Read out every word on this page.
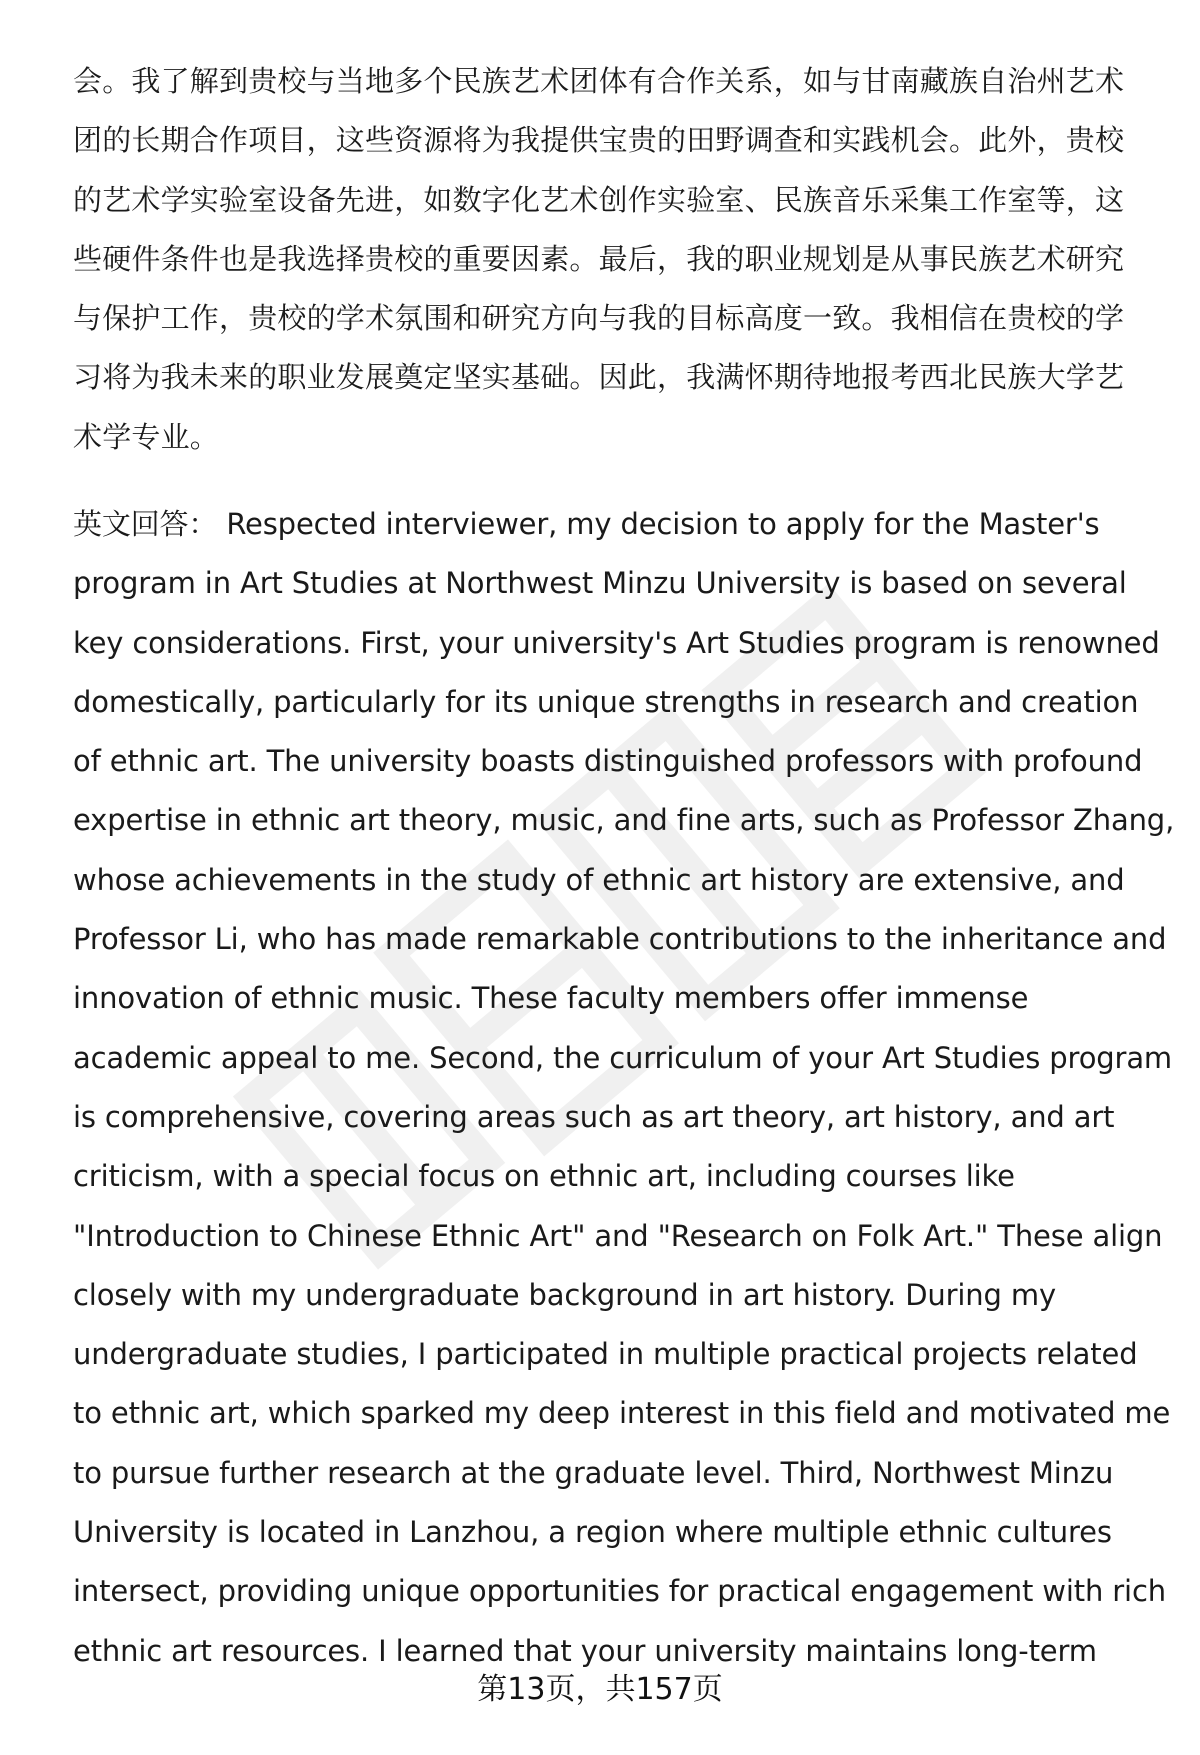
会。我了解到贵校与当地多个民族艺术团体有合作关系，如与甘南藏族自治州艺术
团的长期合作项目，这些资源将为我提供宝贵的田野调查和实践机会。此外，贵校
的艺术学实验室设备先进，如数字化艺术创作实验室、民族音乐采集工作室等，这
些硬件条件也是我选择贵校的重要因素。最后，我的职业规划是从事民族艺术研究
与保护工作，贵校的学术氛围和研究方向与我的目标高度一致。我相信在贵校的学
习将为我未来的职业发展奠定坚实基础。因此，我满怀期待地报考西北民族大学艺
术学专业。
英文回答： Respected interviewer, my decision to apply for the Master's
program in Art Studies at Northwest Minzu University is based on several
key considerations. First, your university's Art Studies program is renowned
domestically, particularly for its unique strengths in research and creation
of ethnic art. The university boasts distinguished professors with profound
expertise in ethnic art theory, music, and fine arts, such as Professor Zhang,
whose achievements in the study of ethnic art history are extensive, and
Professor Li, who has made remarkable contributions to the inheritance and
innovation of ethnic music. These faculty members offer immense
academic appeal to me. Second, the curriculum of your Art Studies program
is comprehensive, covering areas such as art theory, art history, and art
criticism, with a special focus on ethnic art, including courses like
"Introduction to Chinese Ethnic Art" and "Research on Folk Art." These align
closely with my undergraduate background in art history. During my
undergraduate studies, I participated in multiple practical projects related
to ethnic art, which sparked my deep interest in this field and motivated me
to pursue further research at the graduate level. Third, Northwest Minzu
University is located in Lanzhou, a region where multiple ethnic cultures
intersect, providing unique opportunities for practical engagement with rich
ethnic art resources. I learned that your university maintains long-term
第13页，共157页
